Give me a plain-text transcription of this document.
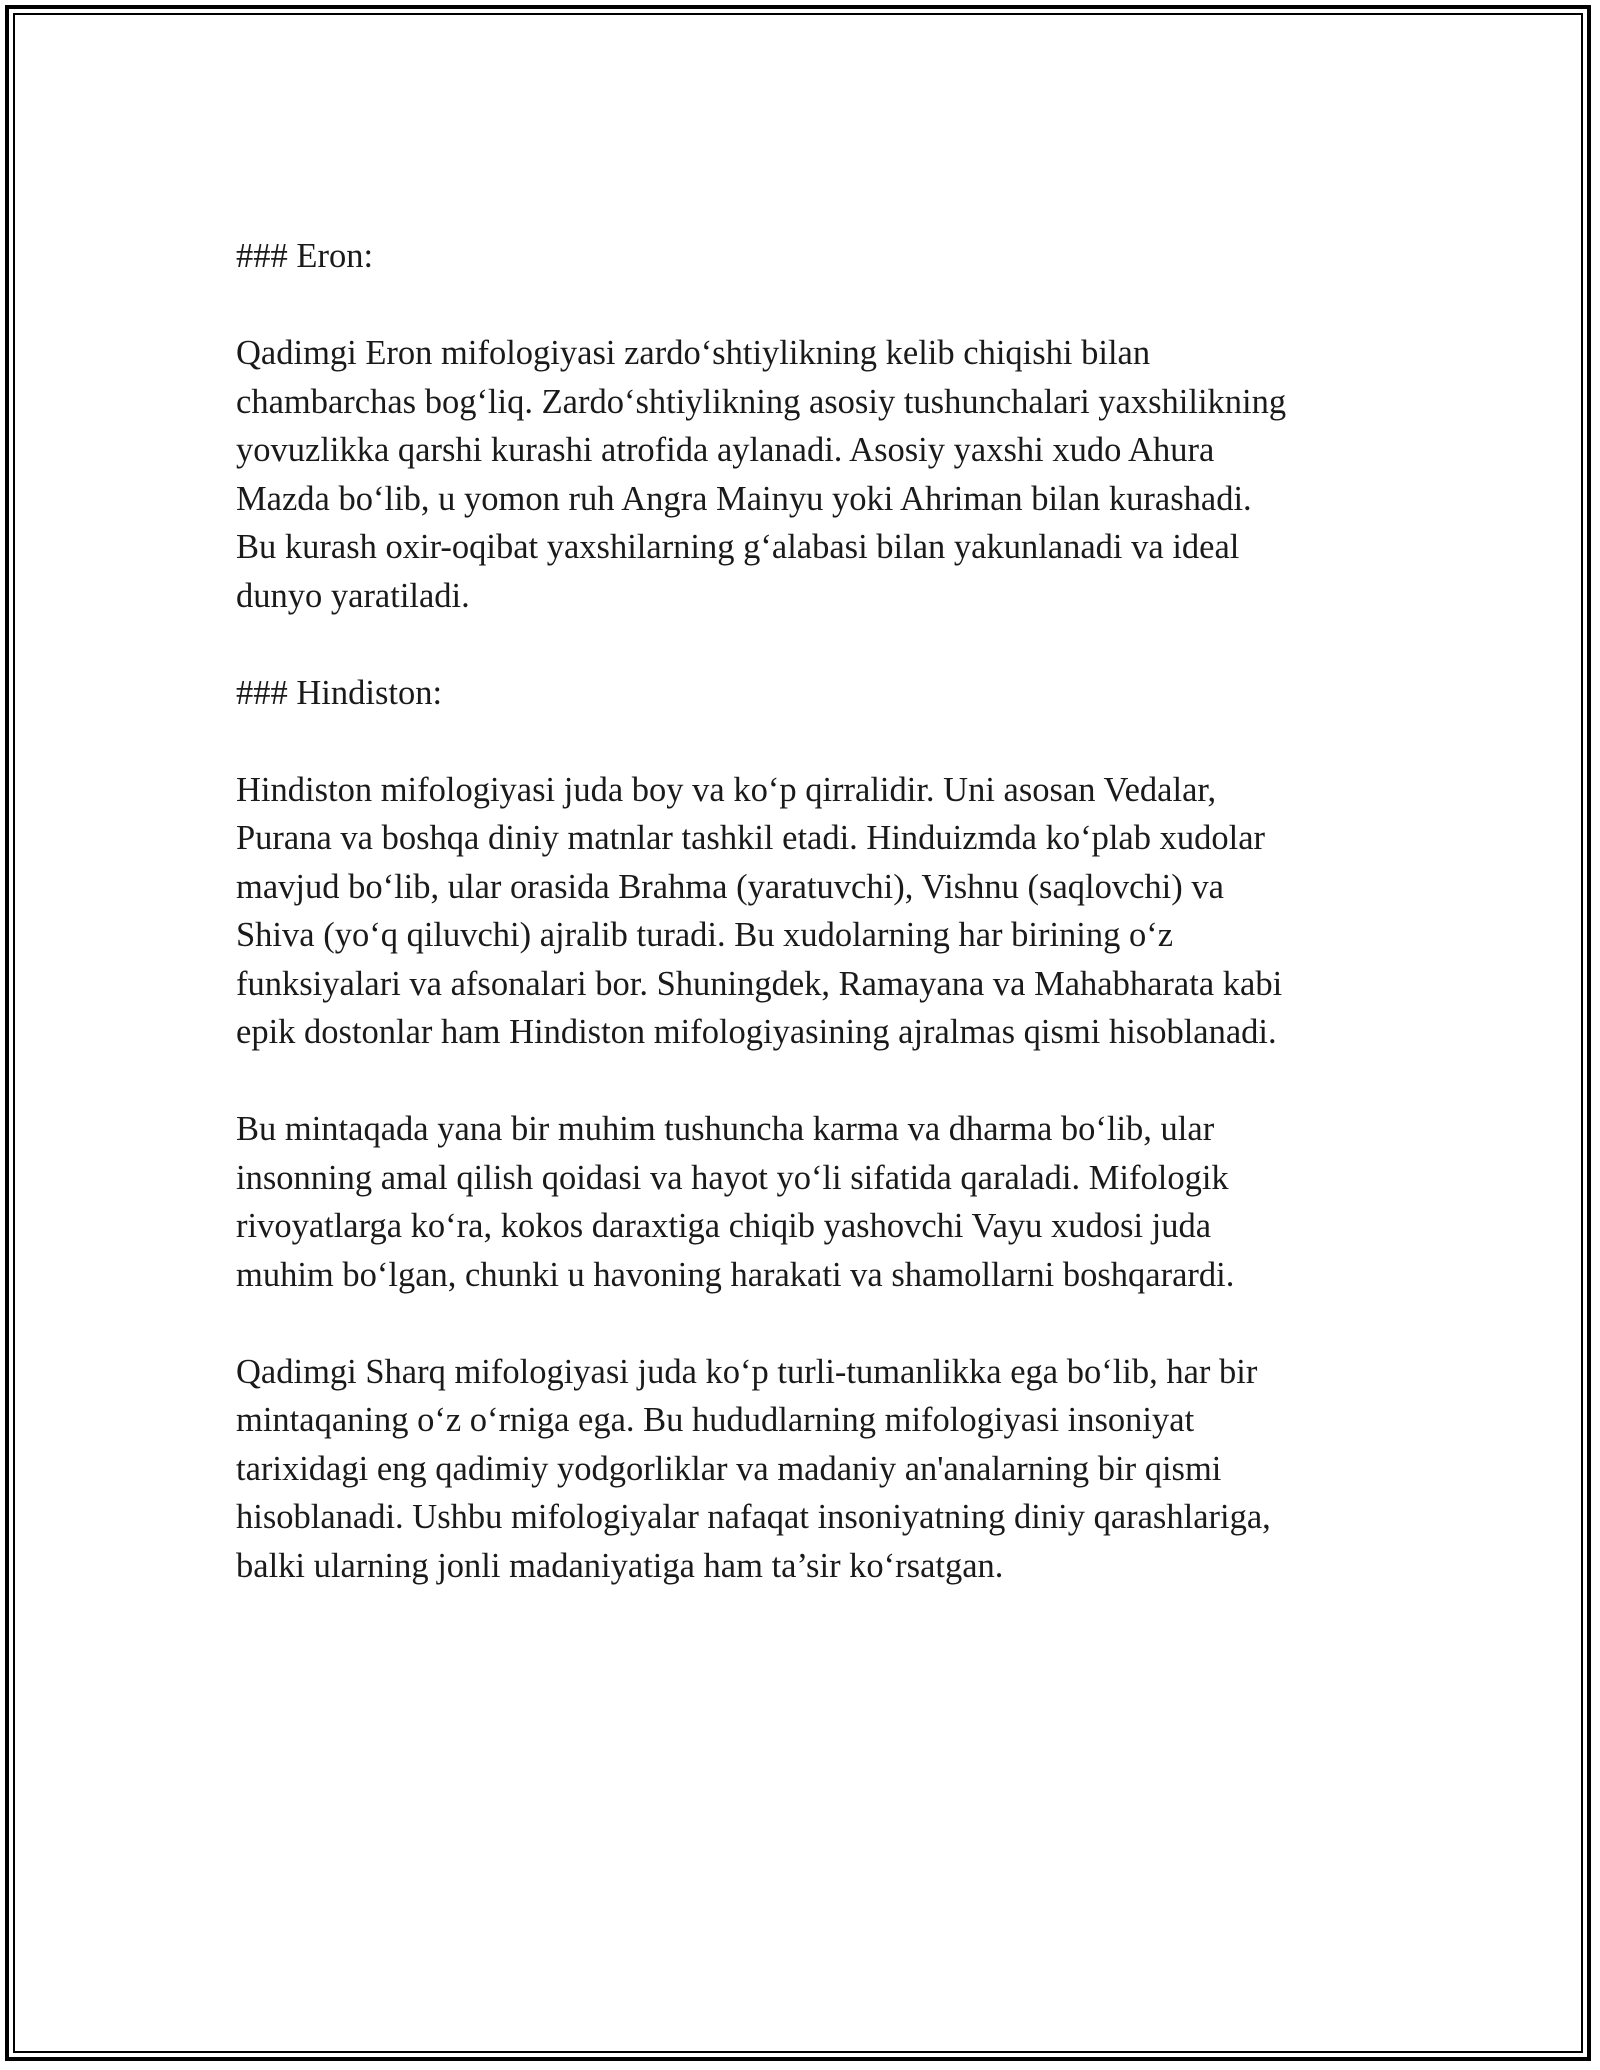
### Eron:

Qadimgi Eron mifologiyasi zardo‘shtiylikning kelib chiqishi bilan
chambarchas bog‘liq. Zardo‘shtiylikning asosiy tushunchalari yaxshilikning
yovuzlikka qarshi kurashi atrofida aylanadi. Asosiy yaxshi xudo Ahura
Mazda bo‘lib, u yomon ruh Angra Mainyu yoki Ahriman bilan kurashadi.
Bu kurash oxir-oqibat yaxshilarning g‘alabasi bilan yakunlanadi va ideal
dunyo yaratiladi.

### Hindiston:

Hindiston mifologiyasi juda boy va ko‘p qirralidir. Uni asosan Vedalar,
Purana va boshqa diniy matnlar tashkil etadi. Hinduizmda ko‘plab xudolar
mavjud bo‘lib, ular orasida Brahma (yaratuvchi), Vishnu (saqlovchi) va
Shiva (yo‘q qiluvchi) ajralib turadi. Bu xudolarning har birining o‘z
funksiyalari va afsonalari bor. Shuningdek, Ramayana va Mahabharata kabi
epik dostonlar ham Hindiston mifologiyasining ajralmas qismi hisoblanadi.

Bu mintaqada yana bir muhim tushuncha karma va dharma bo‘lib, ular
insonning amal qilish qoidasi va hayot yo‘li sifatida qaraladi. Mifologik
rivoyatlarga ko‘ra, kokos daraxtiga chiqib yashovchi Vayu xudosi juda
muhim bo‘lgan, chunki u havoning harakati va shamollarni boshqarardi.

Qadimgi Sharq mifologiyasi juda ko‘p turli-tumanlikka ega bo‘lib, har bir
mintaqaning o‘z o‘rniga ega. Bu hududlarning mifologiyasi insoniyat
tarixidagi eng qadimiy yodgorliklar va madaniy an'analarning bir qismi
hisoblanadi. Ushbu mifologiyalar nafaqat insoniyatning diniy qarashlariga,
balki ularning jonli madaniyatiga ham ta’sir ko‘rsatgan.
